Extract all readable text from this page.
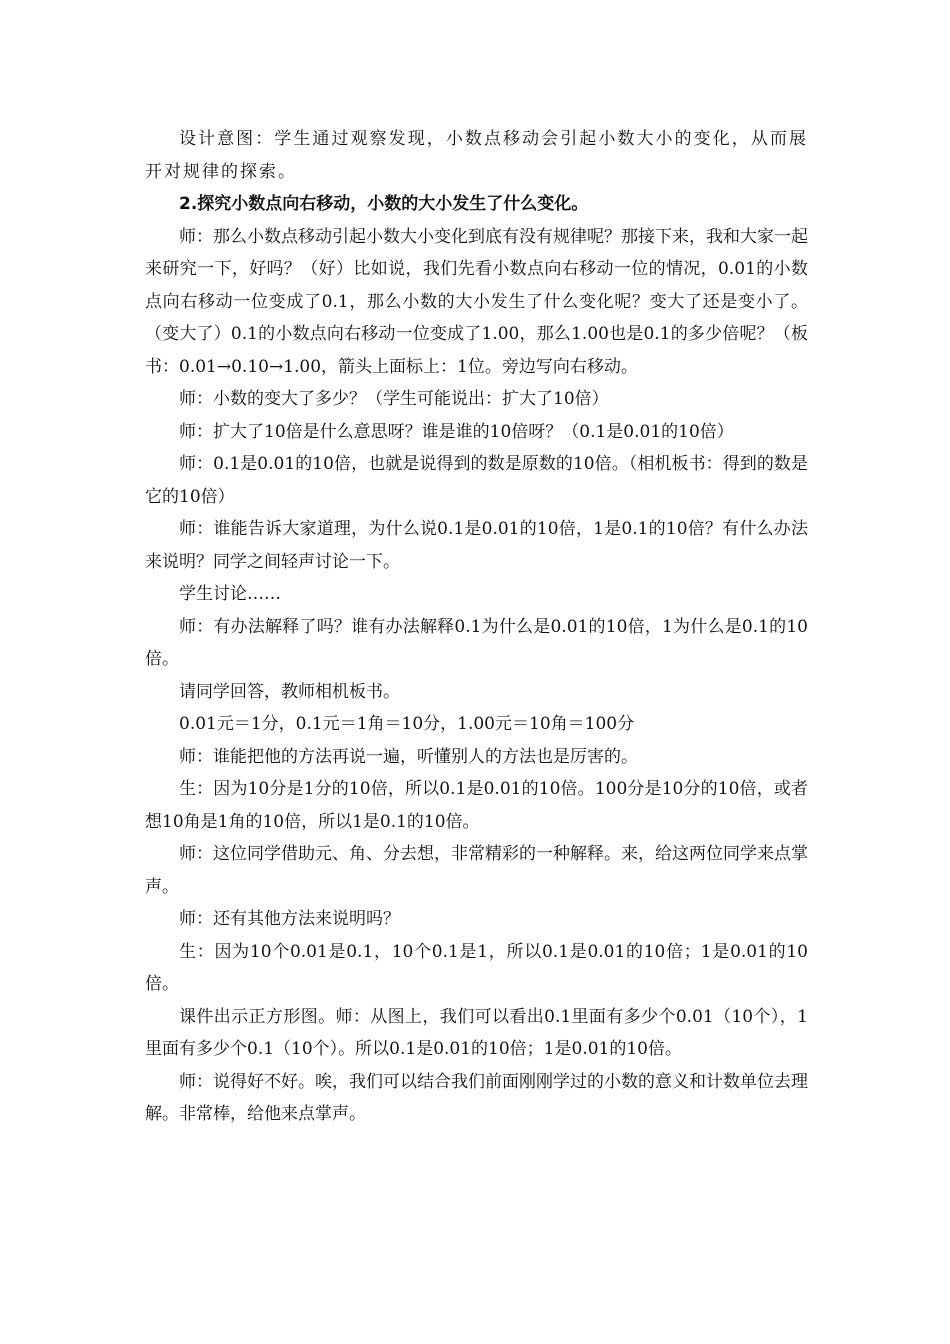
设计意图：学生通过观察发现，小数点移动会引起小数大小的变化，从而展开对规律的探索。

2.探究小数点向右移动，小数的大小发生了什么变化。

师：那么小数点移动引起小数大小变化到底有没有规律呢？那接下来，我和大家一起来研究一下，好吗？（好）比如说，我们先看小数点向右移动一位的情况，0.01的小数点向右移动一位变成了0.1，那么小数的大小发生了什么变化呢？变大了还是变小了。（变大了）0.1的小数点向右移动一位变成了1.00，那么1.00也是0.1的多少倍呢？（板书：0.01→0.10→1.00，箭头上面标上：1位。旁边写向右移动。

师：小数的变大了多少？（学生可能说出：扩大了10倍）

师：扩大了10倍是什么意思呀？谁是谁的10倍呀？（0.1是0.01的10倍）

师：0.1是0.01的10倍，也就是说得到的数是原数的10倍。（相机板书：得到的数是它的10倍）

师：谁能告诉大家道理，为什么说0.1是0.01的10倍，1是0.1的10倍？有什么办法来说明？同学之间轻声讨论一下。

学生讨论……

师：有办法解释了吗？谁有办法解释0.1为什么是0.01的10倍，1为什么是0.1的10倍。

请同学回答，教师相机板书。

0.01元＝1分，0.1元＝1角＝10分，1.00元＝10角＝100分

师：谁能把他的方法再说一遍，听懂别人的方法也是厉害的。

生：因为10分是1分的10倍，所以0.1是0.01的10倍。100分是10分的10倍，或者想10角是1角的10倍，所以1是0.1的10倍。

师：这位同学借助元、角、分去想，非常精彩的一种解释。来，给这两位同学来点掌声。

师：还有其他方法来说明吗？

生：因为10个0.01是0.1，10个0.1是1，所以0.1是0.01的10倍；1是0.01的10倍。

课件出示正方形图。师：从图上，我们可以看出0.1里面有多少个0.01（10个），1里面有多少个0.1（10个）。所以0.1是0.01的10倍；1是0.01的10倍。

师：说得好不好。唉，我们可以结合我们前面刚刚学过的小数的意义和计数单位去理解。非常棒，给他来点掌声。
